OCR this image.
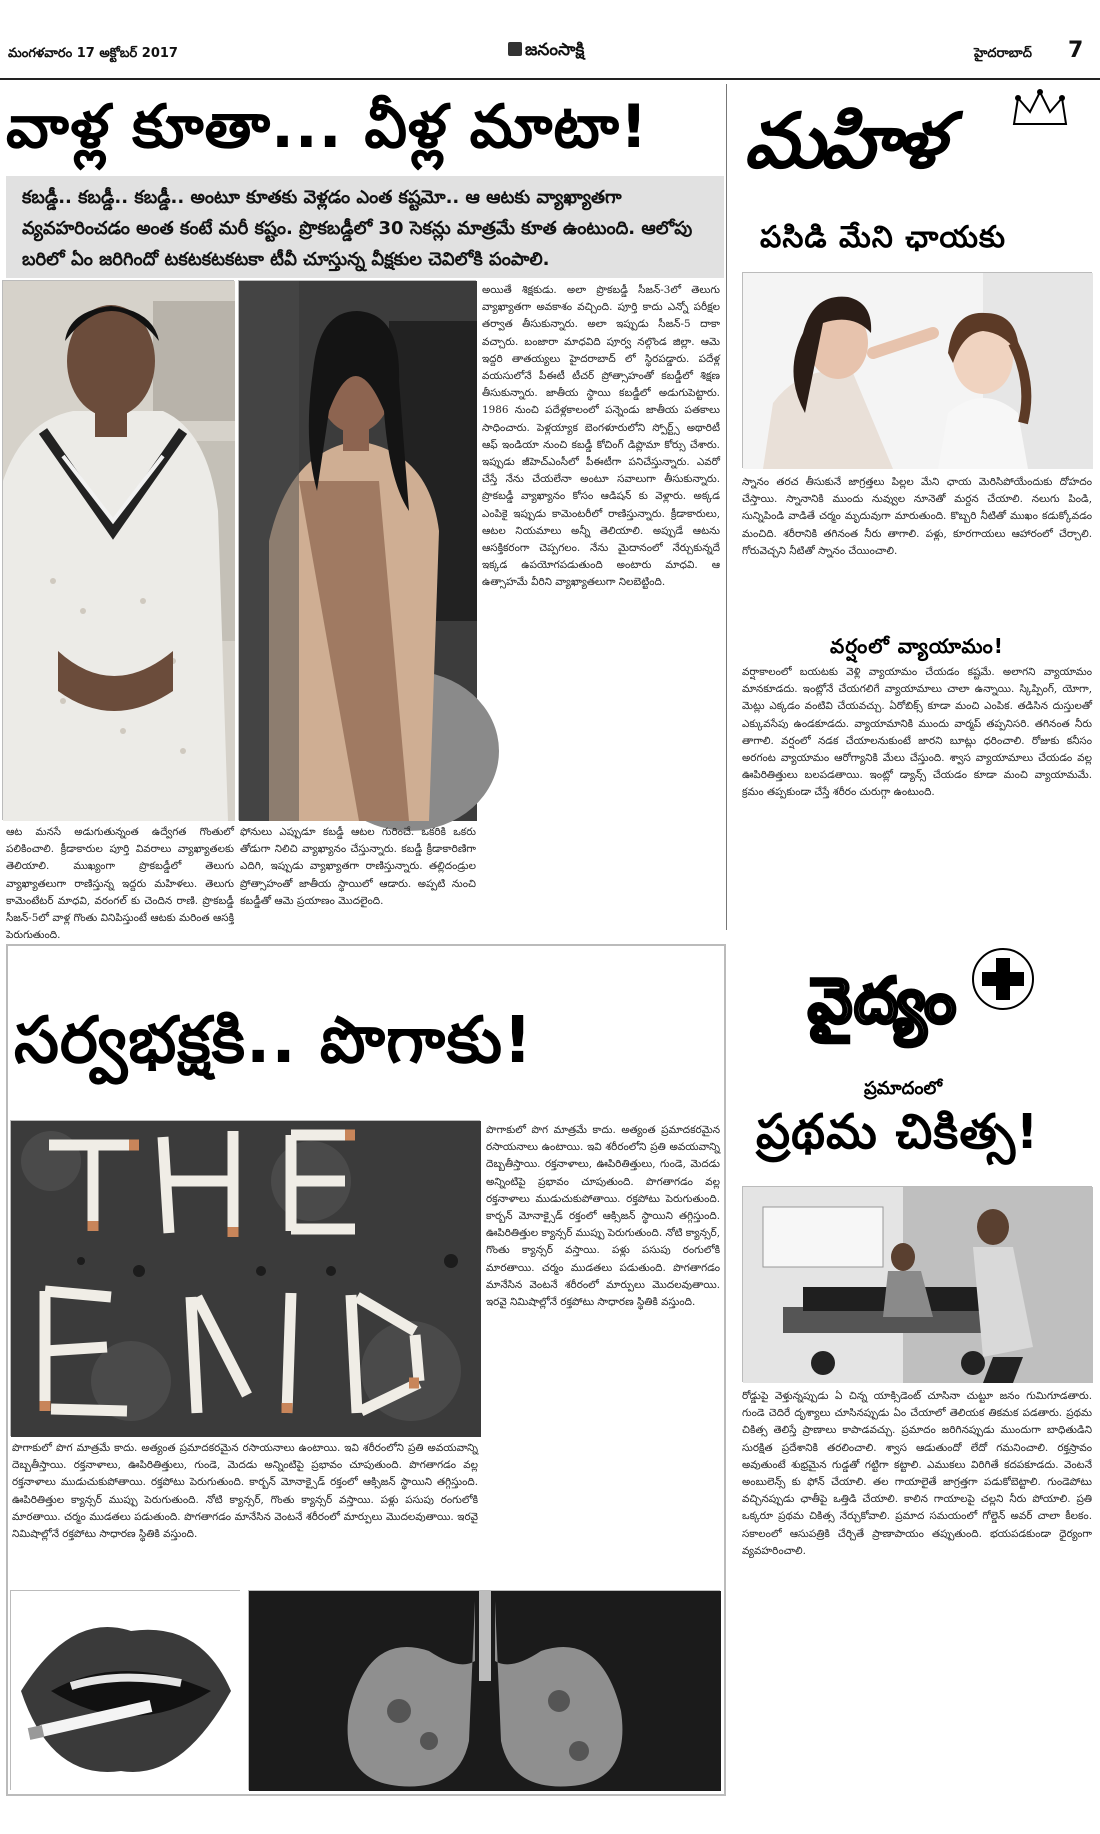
మంగళవారం 17 అక్టోబర్ 2017	జనంసాక్షి	హైదరాబాద్ 7
వాళ్ల కూతా... వీళ్ల మాటా!
కబడ్డీ.. కబడ్డీ.. కబడ్డీ.. అంటూ కూతకు వెళ్లడం ఎంత కష్టమో.. ఆ ఆటకు వ్యాఖ్యాతగా వ్యవహరించడం అంత కంటే మరీ కష్టం. ప్రొకబడ్డీలో 30 సెకన్లు మాత్రమే కూత ఉంటుంది. ఆలోపు బరిలో ఏం జరిగిందో టకటకటకటకా టీవీ చూస్తున్న వీక్షకుల చెవిలోకి పంపాలి.
అయితే శిక్షకుడు. అలా ప్రొకబడ్డీ సీజన్-3లో తెలుగు వ్యాఖ్యాతగా అవకాశం వచ్చింది. పూర్తి కాదు ఎన్నో పరీక్షల తర్వాత తీసుకున్నారు. అలా ఇప్పుడు సీజన్-5 దాకా వచ్చారు. బంజారా మాధవిది పూర్వ నల్గొండ జిల్లా. ఆమె ఇద్దరి తాతయ్యలు హైదరాబాద్ లో స్థిరపడ్డారు. పదేళ్ల వయసులోనే పీఈటీ టీచర్ ప్రోత్సాహంతో కబడ్డీలో శిక్షణ తీసుకున్నారు. జాతీయ స్థాయి కబడ్డీలో అడుగుపెట్టారు. 1986 నుంచి పదేళ్లకాలంలో పన్నెండు జాతీయ పతకాలు సాధించారు. పెళ్లయ్యాక బెంగళూరులోని స్పోర్ట్స్ అథారిటీ ఆఫ్ ఇండియా నుంచి కబడ్డీ కోచింగ్ డిప్లొమా కోర్సు చేశారు. ఇప్పుడు జీహెచ్ఎంసీలో పీఈటీగా పనిచేస్తున్నారు. ఎవరో చేస్తే నేను చేయలేనా అంటూ సవాలుగా తీసుకున్నారు. ప్రొకబడ్డీ వ్యాఖ్యానం కోసం ఆడిషన్ కు వెళ్లారు. అక్కడ ఎంపికై ఇప్పుడు కామెంటరీలో రాణిస్తున్నారు. క్రీడాకారులు, ఆటల నియమాలు అన్నీ తెలియాలి. అప్పుడే ఆటను ఆసక్తికరంగా చెప్పగలం. నేను మైదానంలో నేర్చుకున్నదే ఇక్కడ ఉపయోగపడుతుంది అంటారు మాధవి. ఆ ఉత్సాహమే వీరిని వ్యాఖ్యాతలుగా నిలబెట్టింది.
ఆట మనసే అడుగుతున్నంత ఉద్వేగత గొంతులో పలికించాలి. క్రీడాకారుల పూర్తి వివరాలు వ్యాఖ్యాతలకు తెలియాలి. ముఖ్యంగా ప్రొకబడ్డీలో తెలుగు వ్యాఖ్యాతలుగా రాణిస్తున్న ఇద్దరు మహిళలు. తెలుగు కామెంటేటర్ మాధవి, వరంగల్ కు చెందిన రాణి. ప్రొకబడ్డీ సీజన్-5లో వాళ్ల గొంతు వినిపిస్తుంటే ఆటకు మరింత ఆసక్తి పెరుగుతుంది.
ఫోనులు ఎప్పుడూ కబడ్డీ ఆటల గురించే. ఒకరికి ఒకరు తోడుగా నిలిచి వ్యాఖ్యానం చేస్తున్నారు. కబడ్డీ క్రీడాకారిణిగా ఎదిగి, ఇప్పుడు వ్యాఖ్యాతగా రాణిస్తున్నారు. తల్లిదండ్రుల ప్రోత్సాహంతో జాతీయ స్థాయిలో ఆడారు. అప్పటి నుంచి కబడ్డీతో ఆమె ప్రయాణం మొదలైంది.
మహిళ
పసిడి మేని ఛాయకు
స్నానం తరచ తీసుకునే జాగ్రత్తలు పిల్లల మేని ఛాయ మెరిసిపోయేందుకు దోహదం చేస్తాయి. స్నానానికి ముందు నువ్వుల నూనెతో మర్దన చేయాలి. నలుగు పిండి, సున్నిపిండి వాడితే చర్మం మృదువుగా మారుతుంది. కొబ్బరి నీటితో ముఖం కడుక్కోవడం మంచిది. శరీరానికి తగినంత నీరు తాగాలి. పళ్లు, కూరగాయలు ఆహారంలో చేర్చాలి. గోరువెచ్చని నీటితో స్నానం చేయించాలి.
వర్షంలో వ్యాయామం!
వర్షాకాలంలో బయటకు వెళ్లి వ్యాయామం చేయడం కష్టమే. అలాగని వ్యాయామం మానకూడదు. ఇంట్లోనే చేయగలిగే వ్యాయామాలు చాలా ఉన్నాయి. స్కిప్పింగ్, యోగా, మెట్లు ఎక్కడం వంటివి చేయవచ్చు. ఏరోబిక్స్ కూడా మంచి ఎంపిక. తడిసిన దుస్తులతో ఎక్కువసేపు ఉండకూడదు. వ్యాయామానికి ముందు వార్మప్ తప్పనిసరి. తగినంత నీరు తాగాలి. వర్షంలో నడక చేయాలనుకుంటే జారని బూట్లు ధరించాలి. రోజుకు కనీసం అరగంట వ్యాయామం ఆరోగ్యానికి మేలు చేస్తుంది. శ్వాస వ్యాయామాలు చేయడం వల్ల ఊపిరితిత్తులు బలపడతాయి. ఇంట్లో డ్యాన్స్ చేయడం కూడా మంచి వ్యాయామమే. క్రమం తప్పకుండా చేస్తే శరీరం చురుగ్గా ఉంటుంది.
సర్వభక్షకి.. పొగాకు!
పొగాకులో పొగ మాత్రమే కాదు. అత్యంత ప్రమాదకరమైన రసాయనాలు ఉంటాయి. ఇవి శరీరంలోని ప్రతి అవయవాన్ని దెబ్బతీస్తాయి. రక్తనాళాలు, ఊపిరితిత్తులు, గుండె, మెదడు అన్నింటిపై ప్రభావం చూపుతుంది. పొగతాగడం వల్ల రక్తనాళాలు ముడుచుకుపోతాయి. రక్తపోటు పెరుగుతుంది. కార్బన్ మోనాక్సైడ్ రక్తంలో ఆక్సిజన్ స్థాయిని తగ్గిస్తుంది. ఊపిరితిత్తుల క్యాన్సర్ ముప్పు పెరుగుతుంది. నోటి క్యాన్సర్, గొంతు క్యాన్సర్ వస్తాయి. పళ్లు పసుపు రంగులోకి మారతాయి. చర్మం ముడతలు పడుతుంది. పొగతాగడం మానేసిన వెంటనే శరీరంలో మార్పులు మొదలవుతాయి. ఇరవై నిమిషాల్లోనే రక్తపోటు సాధారణ స్థితికి వస్తుంది.
పొగాకులో పొగ మాత్రమే కాదు. అత్యంత ప్రమాదకరమైన రసాయనాలు ఉంటాయి. ఇవి శరీరంలోని ప్రతి అవయవాన్ని దెబ్బతీస్తాయి. రక్తనాళాలు, ఊపిరితిత్తులు, గుండె, మెదడు అన్నింటిపై ప్రభావం చూపుతుంది. పొగతాగడం వల్ల రక్తనాళాలు ముడుచుకుపోతాయి. రక్తపోటు పెరుగుతుంది. కార్బన్ మోనాక్సైడ్ రక్తంలో ఆక్సిజన్ స్థాయిని తగ్గిస్తుంది. ఊపిరితిత్తుల క్యాన్సర్ ముప్పు పెరుగుతుంది. నోటి క్యాన్సర్, గొంతు క్యాన్సర్ వస్తాయి. పళ్లు పసుపు రంగులోకి మారతాయి. చర్మం ముడతలు పడుతుంది. పొగతాగడం మానేసిన వెంటనే శరీరంలో మార్పులు మొదలవుతాయి. ఇరవై నిమిషాల్లోనే రక్తపోటు సాధారణ స్థితికి వస్తుంది.
వైద్యం
ప్రమాదంలో
ప్రథమ చికిత్స!
రోడ్డుపై వెళ్తున్నప్పుడు ఏ చిన్న యాక్సిడెంట్ చూసినా చుట్టూ జనం గుమిగూడతారు. గుండె చెదిరే దృశ్యాలు చూసినప్పుడు ఏం చేయాలో తెలియక తికమక పడతారు. ప్రథమ చికిత్స తెలిస్తే ప్రాణాలు కాపాడవచ్చు. ప్రమాదం జరిగినప్పుడు ముందుగా బాధితుడిని సురక్షిత ప్రదేశానికి తరలించాలి. శ్వాస ఆడుతుందో లేదో గమనించాలి. రక్తస్రావం అవుతుంటే శుభ్రమైన గుడ్డతో గట్టిగా కట్టాలి. ఎముకలు విరిగితే కదపకూడదు. వెంటనే అంబులెన్స్ కు ఫోన్ చేయాలి. తల గాయాలైతే జాగ్రత్తగా పడుకోబెట్టాలి. గుండెపోటు వచ్చినప్పుడు ఛాతీపై ఒత్తిడి చేయాలి. కాలిన గాయాలపై చల్లని నీరు పోయాలి. ప్రతి ఒక్కరూ ప్రథమ చికిత్స నేర్చుకోవాలి. ప్రమాద సమయంలో గోల్డెన్ అవర్ చాలా కీలకం. సకాలంలో ఆసుపత్రికి చేర్చితే ప్రాణాపాయం తప్పుతుంది. భయపడకుండా ధైర్యంగా వ్యవహరించాలి.
